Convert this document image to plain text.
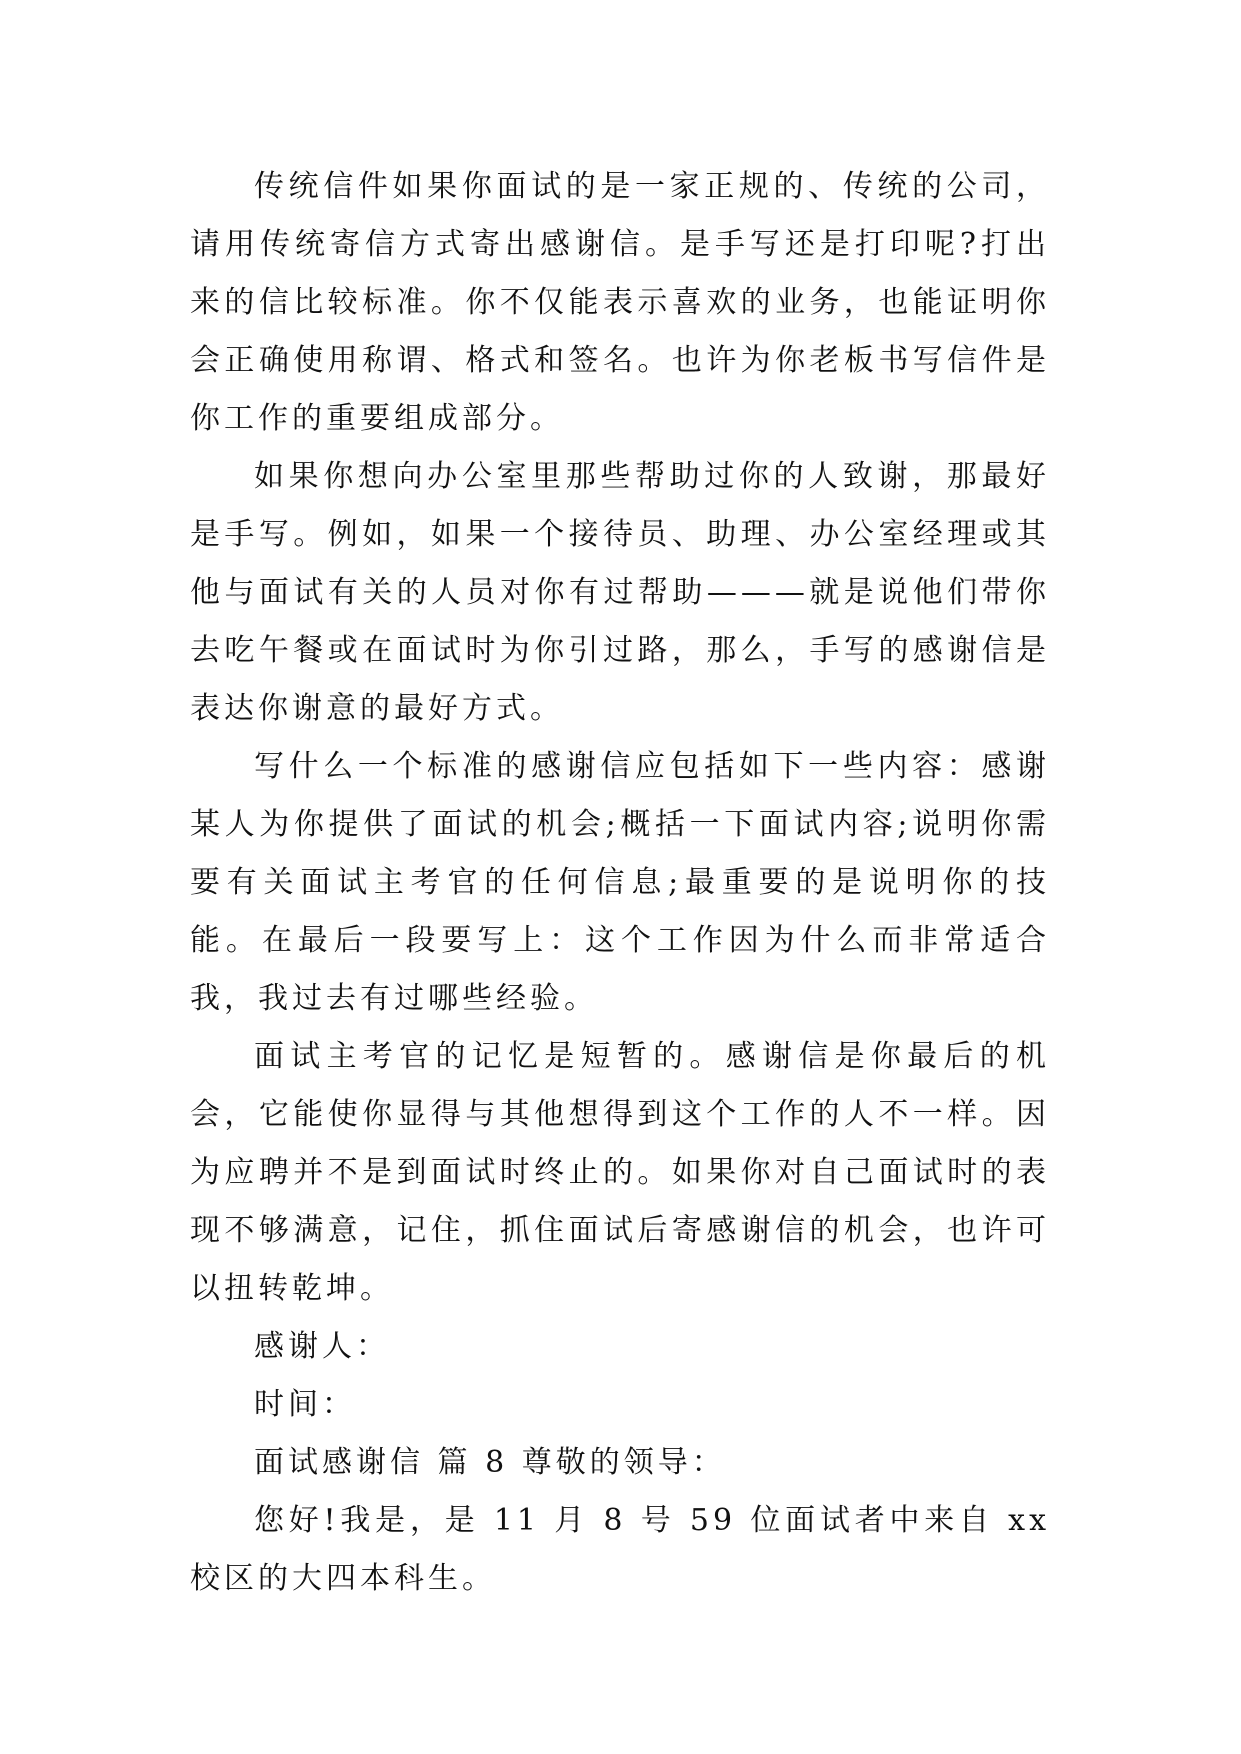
传统信件如果你面试的是一家正规的、传统的公司，请用传统寄信方式寄出感谢信。是手写还是打印呢?打出来的信比较标准。你不仅能表示喜欢的业务，也能证明你会正确使用称谓、格式和签名。也许为你老板书写信件是你工作的重要组成部分。

如果你想向办公室里那些帮助过你的人致谢，那最好是手写。例如，如果一个接待员、助理、办公室经理或其他与面试有关的人员对你有过帮助———就是说他们带你去吃午餐或在面试时为你引过路，那么，手写的感谢信是表达你谢意的最好方式。

写什么一个标准的感谢信应包括如下一些内容：感谢某人为你提供了面试的机会;概括一下面试内容;说明你需要有关面试主考官的任何信息;最重要的是说明你的技能。在最后一段要写上：这个工作因为什么而非常适合我，我过去有过哪些经验。

面试主考官的记忆是短暂的。感谢信是你最后的机会，它能使你显得与其他想得到这个工作的人不一样。因为应聘并不是到面试时终止的。如果你对自己面试时的表现不够满意，记住，抓住面试后寄感谢信的机会，也许可以扭转乾坤。

感谢人：

时间：

面试感谢信 篇 8 尊敬的领导：

您好!我是，是 11 月 8 号 59 位面试者中来自 xx 校区的大四本科生。
